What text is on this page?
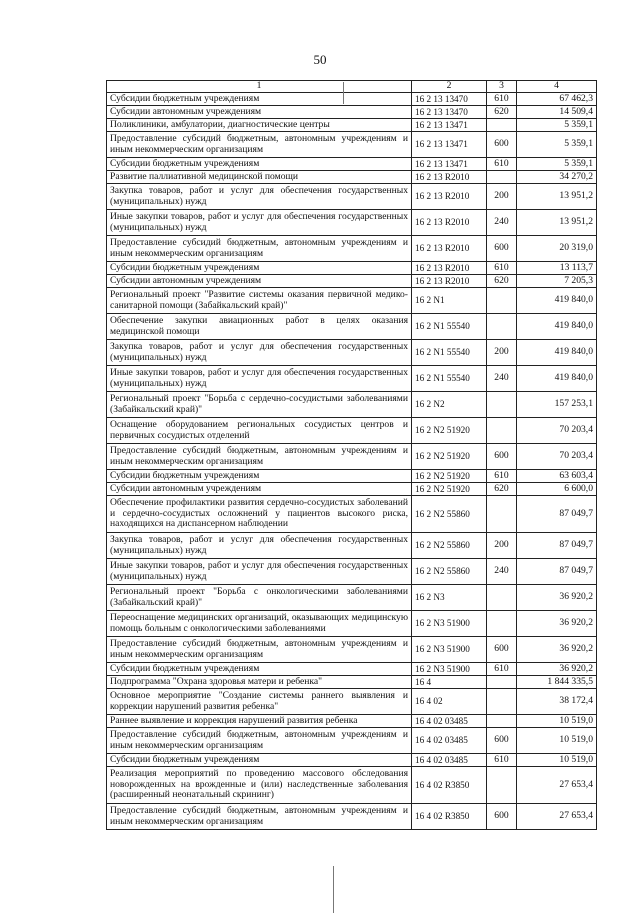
50
1	2	3	4
Субсидии бюджетным учреждениям	16 2 13 13470	610	67 462,3
Субсидии автономным учреждениям	16 2 13 13470	620	14 509,4
Поликлиники, амбулатории, диагностические центры	16 2 13 13471		5 359,1
Предоставление субсидий бюджетным, автономным учреждениям и иным некоммерческим организациям	16 2 13 13471	600	5 359,1
Субсидии бюджетным учреждениям	16 2 13 13471	610	5 359,1
Развитие паллиативной медицинской помощи	16 2 13 R2010		34 270,2
Закупка товаров, работ и услуг для обеспечения государственных (муниципальных) нужд	16 2 13 R2010	200	13 951,2
Иные закупки товаров, работ и услуг для обеспечения государственных (муниципальных) нужд	16 2 13 R2010	240	13 951,2
Предоставление субсидий бюджетным, автономным учреждениям и иным некоммерческим организациям	16 2 13 R2010	600	20 319,0
Субсидии бюджетным учреждениям	16 2 13 R2010	610	13 113,7
Субсидии автономным учреждениям	16 2 13 R2010	620	7 205,3
Региональный проект "Развитие системы оказания первичной медико-санитарной помощи (Забайкальский край)"	16 2 N1		419 840,0
Обеспечение закупки авиационных работ в целях оказания медицинской помощи	16 2 N1 55540		419 840,0
Закупка товаров, работ и услуг для обеспечения государственных (муниципальных) нужд	16 2 N1 55540	200	419 840,0
Иные закупки товаров, работ и услуг для обеспечения государственных (муниципальных) нужд	16 2 N1 55540	240	419 840,0
Региональный проект "Борьба с сердечно-сосудистыми заболеваниями (Забайкальский край)"	16 2 N2		157 253,1
Оснащение оборудованием региональных сосудистых центров и первичных сосудистых отделений	16 2 N2 51920		70 203,4
Предоставление субсидий бюджетным, автономным учреждениям и иным некоммерческим организациям	16 2 N2 51920	600	70 203,4
Субсидии бюджетным учреждениям	16 2 N2 51920	610	63 603,4
Субсидии автономным учреждениям	16 2 N2 51920	620	6 600,0
Обеспечение профилактики развития сердечно-сосудистых заболеваний и сердечно-сосудистых осложнений у пациентов высокого риска, находящихся на диспансерном наблюдении	16 2 N2 55860		87 049,7
Закупка товаров, работ и услуг для обеспечения государственных (муниципальных) нужд	16 2 N2 55860	200	87 049,7
Иные закупки товаров, работ и услуг для обеспечения государственных (муниципальных) нужд	16 2 N2 55860	240	87 049,7
Региональный проект "Борьба с онкологическими заболеваниями (Забайкальский край)"	16 2 N3		36 920,2
Переоснащение медицинских организаций, оказывающих медицинскую помощь больным с онкологическими заболеваниями	16 2 N3 51900		36 920,2
Предоставление субсидий бюджетным, автономным учреждениям и иным некоммерческим организациям	16 2 N3 51900	600	36 920,2
Субсидии бюджетным учреждениям	16 2 N3 51900	610	36 920,2
Подпрограмма "Охрана здоровья матери и ребенка"	16 4		1 844 335,5
Основное мероприятие "Создание системы раннего выявления и коррекции нарушений развития ребенка"	16 4 02		38 172,4
Раннее выявление и коррекция нарушений развития ребенка	16 4 02 03485		10 519,0
Предоставление субсидий бюджетным, автономным учреждениям и иным некоммерческим организациям	16 4 02 03485	600	10 519,0
Субсидии бюджетным учреждениям	16 4 02 03485	610	10 519,0
Реализация мероприятий по проведению массового обследования новорожденных на врожденные и (или) наследственные заболевания (расширенный неонатальный скрининг)	16 4 02 R3850		27 653,4
Предоставление субсидий бюджетным, автономным учреждениям и иным некоммерческим организациям	16 4 02 R3850	600	27 653,4
